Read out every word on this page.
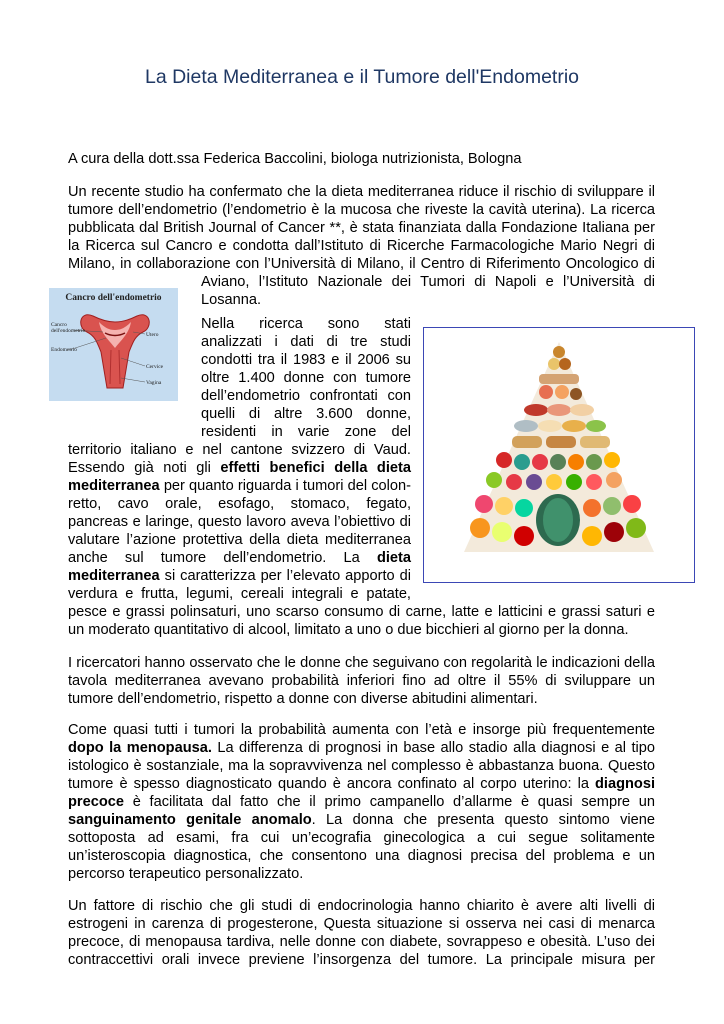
La Dieta Mediterranea e il Tumore dell'Endometrio
A cura della dott.ssa Federica Baccolini, biologa nutrizionista, Bologna
Un recente studio ha confermato che la dieta mediterranea riduce il rischio di sviluppare il
tumore dell’endometrio (l’endometrio è la mucosa che riveste la cavità uterina). La ricerca
pubblicata dal British Journal of Cancer **, è stata finanziata dalla Fondazione Italiana per
la Ricerca sul Cancro e condotta dall’Istituto di Ricerche Farmacologiche Mario Negri di
Milano, in collaborazione con l’Università di Milano, il Centro di Riferimento Oncologico di
Aviano, l’Istituto Nazionale dei Tumori di Napoli e l’Università di
Losanna.
Cancro dell'endometrio
Cancro
dell'endometrio
Endometrio
Utero
Cervice
Vagina
Nella ricerca sono stati
analizzati i dati di tre studi
condotti tra il 1983 e il 2006 su
oltre 1.400 donne con tumore
dell’endometrio confrontati con
quelli di altre 3.600 donne,
residenti in varie zone del
territorio italiano e nel cantone svizzero di Vaud.
Essendo già noti gli effetti benefici della dieta
mediterranea per quanto riguarda i tumori del colon-
retto, cavo orale, esofago, stomaco, fegato,
pancreas e laringe, questo lavoro aveva l’obiettivo di
valutare l’azione protettiva della dieta mediterranea
anche sul tumore dell’endometrio. La dieta
mediterranea si caratterizza per l’elevato apporto di
verdura e frutta, legumi, cereali integrali e patate,
pesce e grassi polinsaturi, uno scarso consumo di carne, latte e latticini e grassi saturi e
un moderato quantitativo di alcool, limitato a uno o due bicchieri al giorno per la donna.
I ricercatori hanno osservato che le donne che seguivano con regolarità le indicazioni della
tavola mediterranea avevano probabilità inferiori fino ad oltre il 55% di sviluppare un
tumore dell’endometrio, rispetto a donne con diverse abitudini alimentari.
Come quasi tutti i tumori la probabilità aumenta con l’età e insorge più frequentemente
dopo la menopausa. La differenza di prognosi in base allo stadio alla diagnosi e al tipo
istologico è sostanziale, ma la sopravvivenza nel complesso è abbastanza buona. Questo
tumore è spesso diagnosticato quando è ancora confinato al corpo uterino: la diagnosi
precoce è facilitata dal fatto che il primo campanello d’allarme è quasi sempre un
sanguinamento genitale anomalo. La donna che presenta questo sintomo viene
sottoposta ad esami, fra cui un’ecografia ginecologica a cui segue solitamente
un’isteroscopia diagnostica, che consentono una diagnosi precisa del problema e un
percorso terapeutico personalizzato.
Un fattore di rischio che gli studi di endocrinologia hanno chiarito è avere alti livelli di
estrogeni in carenza di progesterone, Questa situazione si osserva nei casi di menarca
precoce, di menopausa tardiva, nelle donne con diabete, sovrappeso e obesità. L’uso dei
contraccettivi orali invece previene l’insorgenza del tumore. La principale misura per
